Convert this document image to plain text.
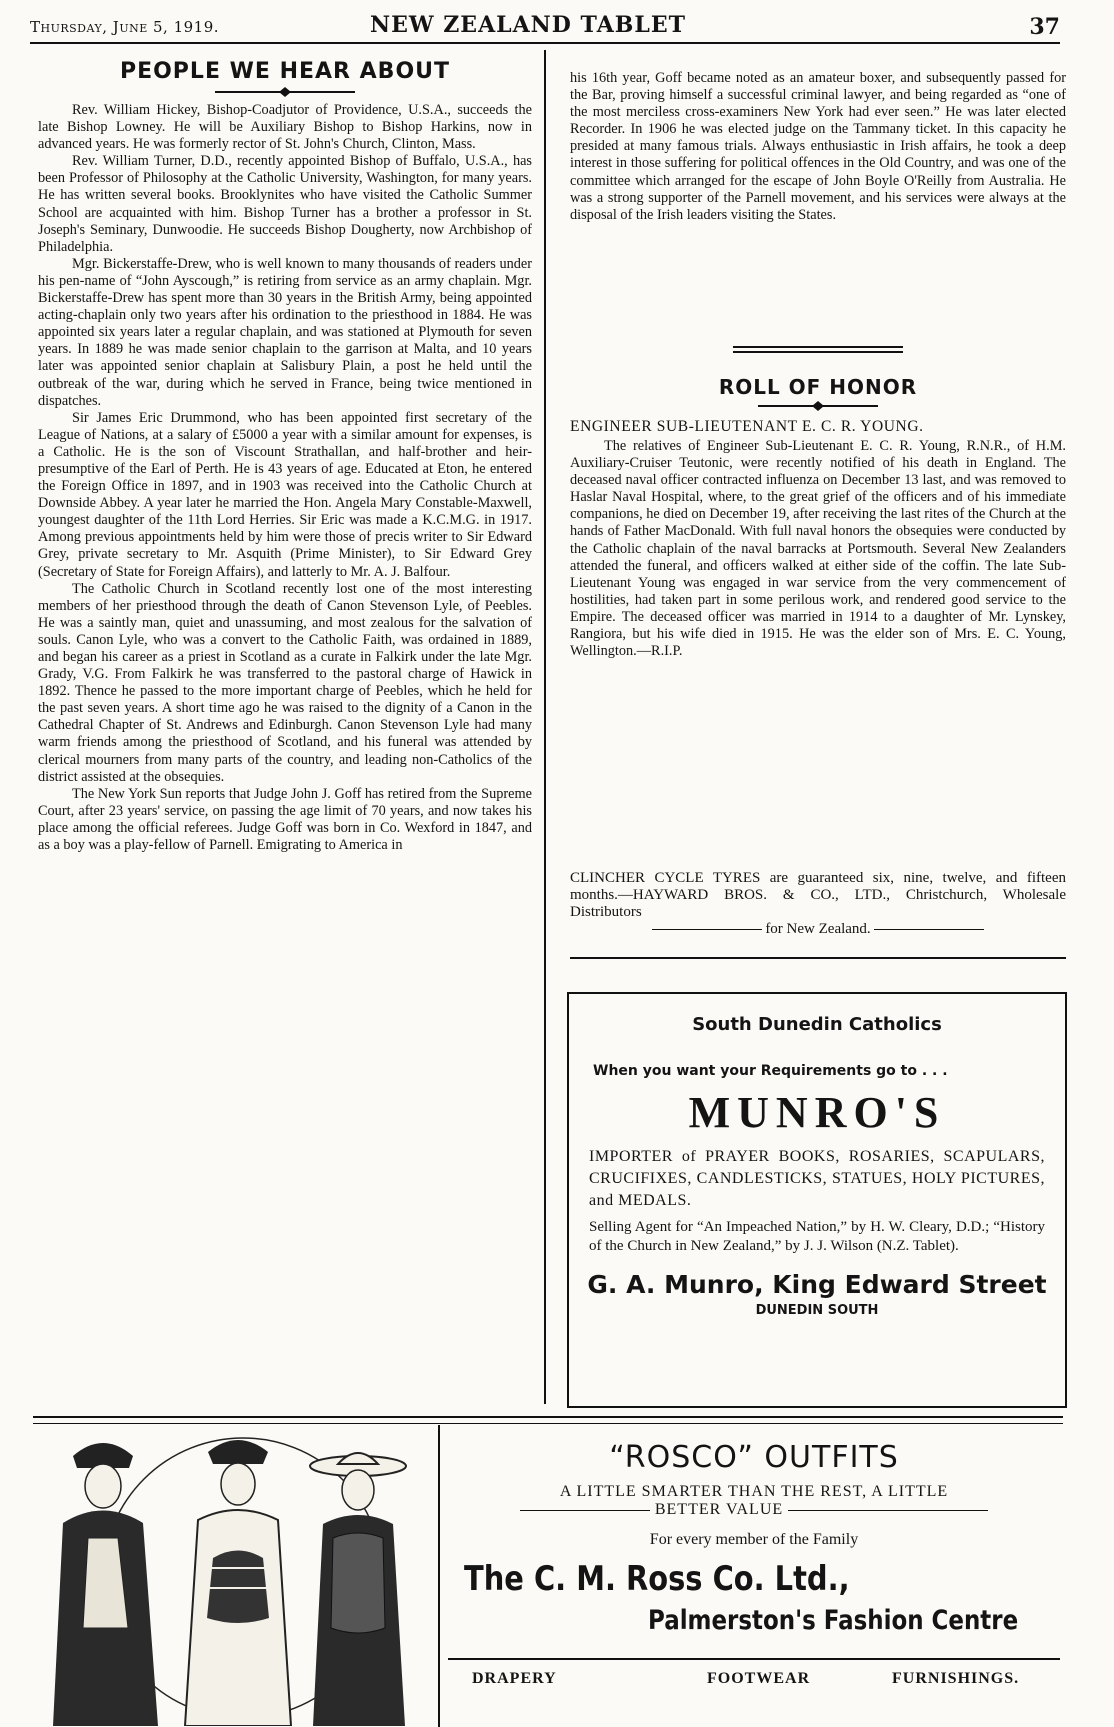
Thursday, June 5, 1919.	NEW ZEALAND TABLET	37
PEOPLE WE HEAR ABOUT

Rev. William Hickey, Bishop-Coadjutor of Providence, U.S.A., succeeds the late Bishop Lowney. He will be Auxiliary Bishop to Bishop Harkins, now in advanced years. He was formerly rector of St. John's Church, Clinton, Mass.

Rev. William Turner, D.D., recently appointed Bishop of Buffalo, U.S.A., has been Professor of Philosophy at the Catholic University, Washington, for many years. He has written several books. Brooklynites who have visited the Catholic Summer School are acquainted with him. Bishop Turner has a brother a professor in St. Joseph's Seminary, Dunwoodie. He succeeds Bishop Dougherty, now Archbishop of Philadelphia.

Mgr. Bickerstaffe-Drew, who is well known to many thousands of readers under his pen-name of “John Ayscough,” is retiring from service as an army chaplain. Mgr. Bickerstaffe-Drew has spent more than 30 years in the British Army, being appointed acting-chaplain only two years after his ordination to the priesthood in 1884. He was appointed six years later a regular chaplain, and was stationed at Plymouth for seven years. In 1889 he was made senior chaplain to the garrison at Malta, and 10 years later was appointed senior chaplain at Salisbury Plain, a post he held until the outbreak of the war, during which he served in France, being twice mentioned in dispatches.

Sir James Eric Drummond, who has been appointed first secretary of the League of Nations, at a salary of £5000 a year with a similar amount for expenses, is a Catholic. He is the son of Viscount Strathallan, and half-brother and heir-presumptive of the Earl of Perth. He is 43 years of age. Educated at Eton, he entered the Foreign Office in 1897, and in 1903 was received into the Catholic Church at Downside Abbey. A year later he married the Hon. Angela Mary Constable-Maxwell, youngest daughter of the 11th Lord Herries. Sir Eric was made a K.C.M.G. in 1917. Among previous appointments held by him were those of precis writer to Sir Edward Grey, private secretary to Mr. Asquith (Prime Minister), to Sir Edward Grey (Secretary of State for Foreign Affairs), and latterly to Mr. A. J. Balfour.

The Catholic Church in Scotland recently lost one of the most interesting members of her priesthood through the death of Canon Stevenson Lyle, of Peebles. He was a saintly man, quiet and unassuming, and most zealous for the salvation of souls. Canon Lyle, who was a convert to the Catholic Faith, was ordained in 1889, and began his career as a priest in Scotland as a curate in Falkirk under the late Mgr. Grady, V.G. From Falkirk he was transferred to the pastoral charge of Hawick in 1892. Thence he passed to the more important charge of Peebles, which he held for the past seven years. A short time ago he was raised to the dignity of a Canon in the Cathedral Chapter of St. Andrews and Edinburgh. Canon Stevenson Lyle had many warm friends among the priesthood of Scotland, and his funeral was attended by clerical mourners from many parts of the country, and leading non-Catholics of the district assisted at the obsequies.

The New York Sun reports that Judge John J. Goff has retired from the Supreme Court, after 23 years' service, on passing the age limit of 70 years, and now takes his place among the official referees. Judge Goff was born in Co. Wexford in 1847, and as a boy was a play-fellow of Parnell. Emigrating to America in

his 16th year, Goff became noted as an amateur boxer, and subsequently passed for the Bar, proving himself a successful criminal lawyer, and being regarded as “one of the most merciless cross-examiners New York had ever seen.” He was later elected Recorder. In 1906 he was elected judge on the Tammany ticket. In this capacity he presided at many famous trials. Always enthusiastic in Irish affairs, he took a deep interest in those suffering for political offences in the Old Country, and was one of the committee which arranged for the escape of John Boyle O'Reilly from Australia. He was a strong supporter of the Parnell movement, and his services were always at the disposal of the Irish leaders visiting the States.

ROLL OF HONOR
ENGINEER SUB-LIEUTENANT E. C. R. YOUNG.

The relatives of Engineer Sub-Lieutenant E. C. R. Young, R.N.R., of H.M. Auxiliary-Cruiser Teutonic, were recently notified of his death in England. The deceased naval officer contracted influenza on December 13 last, and was removed to Haslar Naval Hospital, where, to the great grief of the officers and of his immediate companions, he died on December 19, after receiving the last rites of the Church at the hands of Father MacDonald. With full naval honors the obsequies were conducted by the Catholic chaplain of the naval barracks at Portsmouth. Several New Zealanders attended the funeral, and officers walked at either side of the coffin. The late Sub-Lieutenant Young was engaged in war service from the very commencement of hostilities, had taken part in some perilous work, and rendered good service to the Empire. The deceased officer was married in 1914 to a daughter of Mr. Lynskey, Rangiora, but his wife died in 1915. He was the elder son of Mrs. E. C. Young, Wellington.—R.I.P.

CLINCHER CYCLE TYRES are guaranteed six, nine, twelve, and fifteen months.—HAYWARD BROS. & CO., LTD., Christchurch, Wholesale Distributors

for New Zealand.
South Dunedin Catholics
When you want your Requirements go to . . .
MUNRO'S
IMPORTER of PRAYER BOOKS, ROSARIES, SCAPULARS, CRUCIFIXES, CANDLESTICKS, STATUES, HOLY PICTURES, and MEDALS.
Selling Agent for “An Impeached Nation,” by H. W. Cleary, D.D.; “History of the Church in New Zealand,” by J. J. Wilson (N.Z. Tablet).
G. A. Munro, King Edward Street
DUNEDIN SOUTH
“ROSCO” OUTFITS
A LITTLE SMARTER THAN THE REST, A LITTLE
BETTER VALUE
For every member of the Family
The C. M. Ross Co. Ltd.,
Palmerston's Fashion Centre
DRAPERY	FOOTWEAR	FURNISHINGS.
